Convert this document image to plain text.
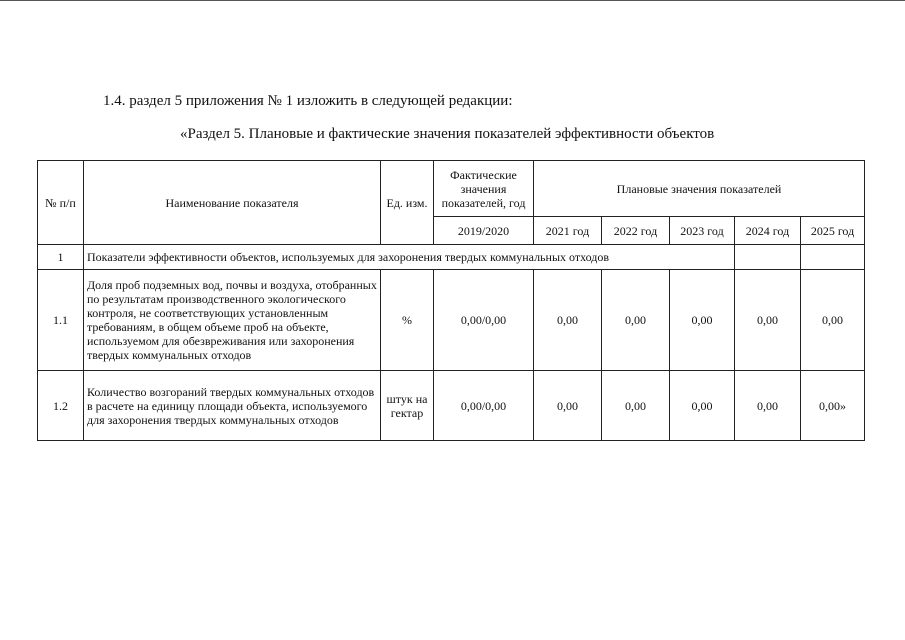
1.4. раздел 5 приложения № 1 изложить в следующей редакции:
«Раздел 5. Плановые и фактические значения показателей эффективности объектов
№ п/п	Наименование показателя	Ед. изм.	Фактические значения показателей, год	Плановые значения показателей				
			2019/2020	2021 год	2022 год	2023 год	2024 год	2025 год
1	Показатели эффективности объектов, используемых для захоронения твердых коммунальных отходов							
1.1	Доля проб подземных вод, почвы и воздуха, отобранных по результатам производственного экологического контроля, не соответствующих установленным требованиям, в общем объеме проб на объекте, используемом для обезвреживания или захоронения твердых коммунальных отходов	%	0,00/0,00	0,00	0,00	0,00	0,00	0,00
1.2	Количество возгораний твердых коммунальных отходов в расчете на единицу площади объекта, используемого для захоронения твердых коммунальных отходов	штук на гектар	0,00/0,00	0,00	0,00	0,00	0,00	0,00»
